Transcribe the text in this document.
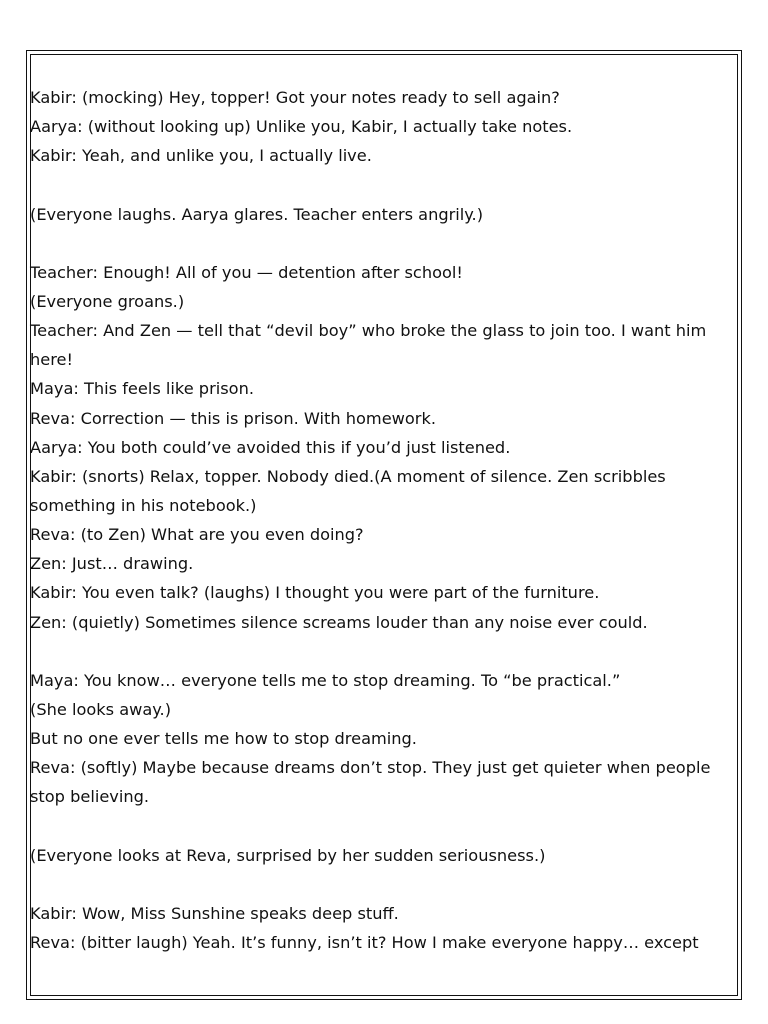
Kabir: (mocking) Hey, topper! Got your notes ready to sell again?
Aarya: (without looking up) Unlike you, Kabir, I actually take notes.
Kabir: Yeah, and unlike you, I actually live.
(Everyone laughs. Aarya glares. Teacher enters angrily.)
Teacher: Enough! All of you — detention after school!
(Everyone groans.)
Teacher: And Zen — tell that “devil boy” who broke the glass to join too. I want him
here!
Maya: This feels like prison.
Reva: Correction — this is prison. With homework.
Aarya: You both could’ve avoided this if you’d just listened.
Kabir: (snorts) Relax, topper. Nobody died.(A moment of silence. Zen scribbles
something in his notebook.)
Reva: (to Zen) What are you even doing?
Zen: Just… drawing.
Kabir: You even talk? (laughs) I thought you were part of the furniture.
Zen: (quietly) Sometimes silence screams louder than any noise ever could.
Maya: You know… everyone tells me to stop dreaming. To “be practical.”
(She looks away.)
But no one ever tells me how to stop dreaming.
Reva: (softly) Maybe because dreams don’t stop. They just get quieter when people
stop believing.
(Everyone looks at Reva, surprised by her sudden seriousness.)
Kabir: Wow, Miss Sunshine speaks deep stuff.
Reva: (bitter laugh) Yeah. It’s funny, isn’t it? How I make everyone happy… except
